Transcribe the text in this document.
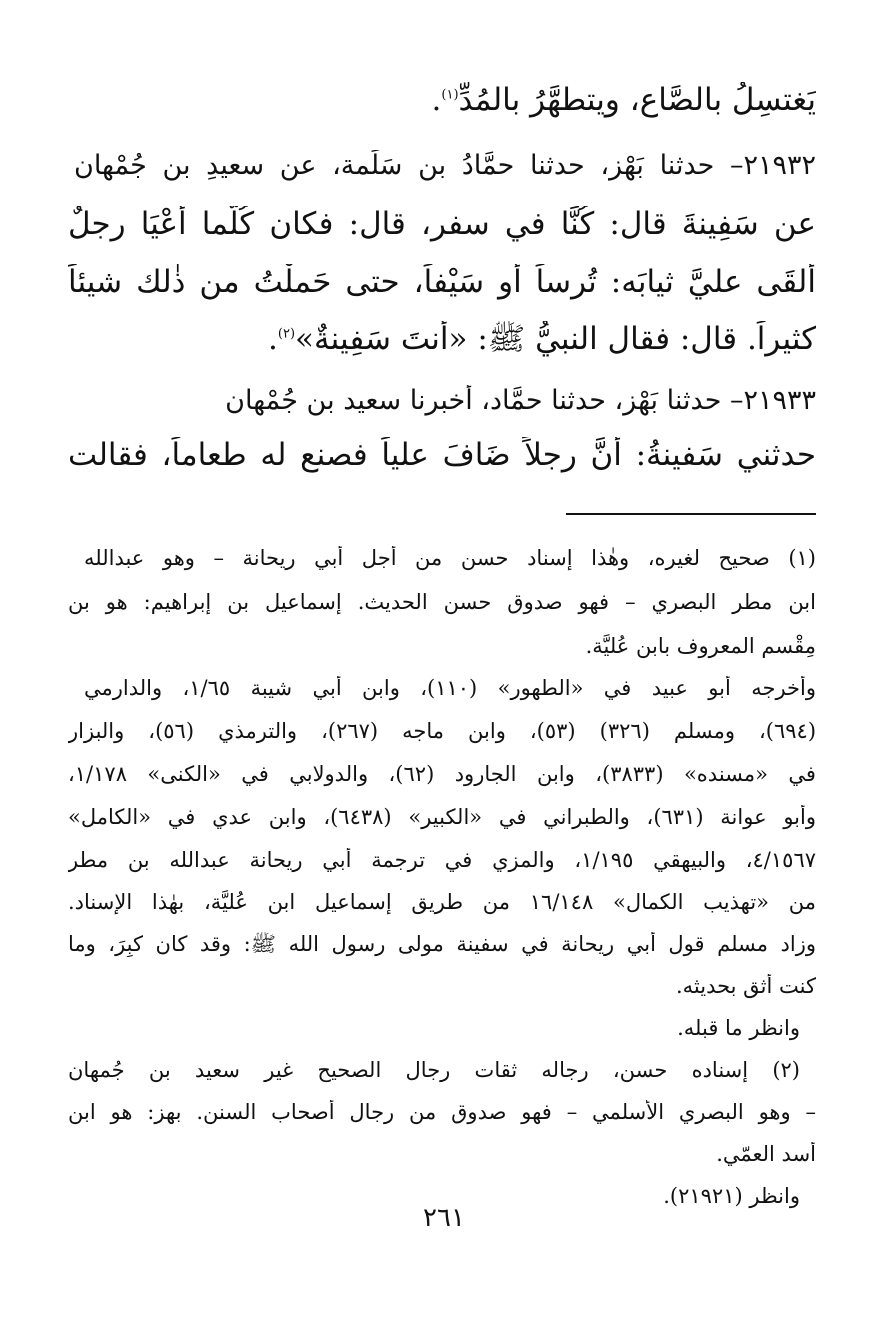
يَغتسِلُ بالصَّاعِ، ويتطهَّرُ بالمُدِّ$^{(١)}$.
٢١٩٣٢– حدثنا بَهْز، حدثنا حمَّادُ بن سَلَمة، عن سعيدِ بن جُمْهان
عن سَفِينةَ قال: كُنَّا في سفر، قال: فكان كُلَّما أَعْيَا رجلٌ
أَلقَى عليَّ ثيابَه: تُرساً أو سَيْفاً، حتى حَملْتُ من ذٰلك شيئاً
كثيراً. قال: فقال النبيُّ ﷺ: «أنتَ سَفِينةٌ»$^{(٢)}$.
٢١٩٣٣– حدثنا بَهْز، حدثنا حمَّاد، أخبرنا سعيد بن جُمْهان
حدثني سَفينةُ: أنَّ رجلاً ضَافَ علياً فصنع له طعاماً، فقالت
(١) صحيح لغيره، وهٰذا إسناد حسن من أجل أبي ريحانة – وهو عبدالله
ابن مطر البصري – فهو صدوق حسن الحديث. إسماعيل بن إبراهيم: هو بن
مِقْسم المعروف بابن عُليَّة.
وأخرجه أبو عبيد في «الطهور» (١١٠)، وابن أبي شيبة ١/٦٥، والدارمي
(٦٩٤)، ومسلم (٣٢٦) (٥٣)، وابن ماجه (٢٦٧)، والترمذي (٥٦)، والبزار
في «مسنده» (٣٨٣٣)، وابن الجارود (٦٢)، والدولابي في «الكنى» ١/١٧٨،
وأبو عوانة (٦٣١)، والطبراني في «الكبير» (٦٤٣٨)، وابن عدي في «الكامل»
٤/١٥٦٧، والبيهقي ١/١٩٥، والمزي في ترجمة أبي ريحانة عبدالله بن مطر
من «تهذيب الكمال» ١٦/١٤٨ من طريق إسماعيل ابن عُليَّة، بهٰذا الإسناد.
وزاد مسلم قول أبي ريحانة في سفينة مولى رسول الله ﷺ: وقد كان كبِرَ، وما
كنت أثق بحديثه.
وانظر ما قبله.
(٢) إسناده حسن، رجاله ثقات رجال الصحيح غير سعيد بن جُمهان
– وهو البصري الأسلمي – فهو صدوق من رجال أصحاب السنن. بهز: هو ابن
أسد العمّي.
وانظر (٢١٩٢١).
٢٦١
